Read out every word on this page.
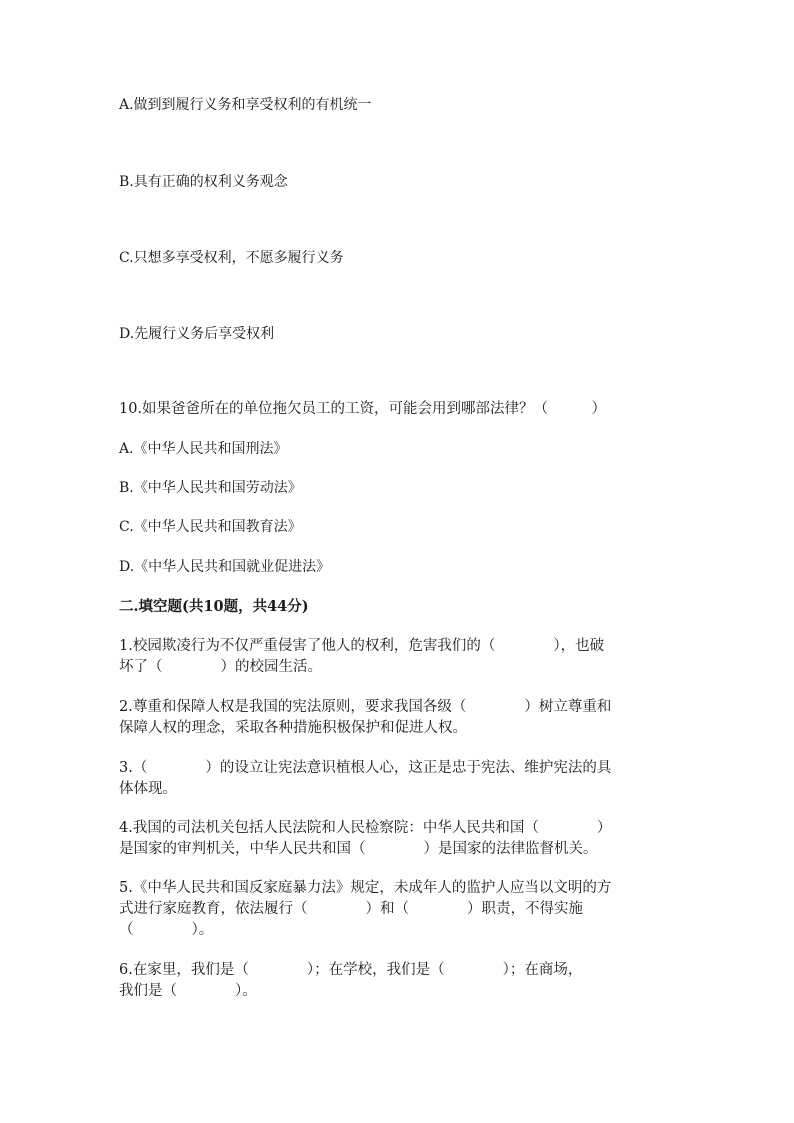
A.做到到履行义务和享受权利的有机统一
B.具有正确的权利义务观念
C.只想多享受权利，不愿多履行义务
D.先履行义务后享受权利
10.如果爸爸所在的单位拖欠员工的工资，可能会用到哪部法律？（　　　）
A.《中华人民共和国刑法》
B.《中华人民共和国劳动法》
C.《中华人民共和国教育法》
D.《中华人民共和国就业促进法》
二.填空题(共10题，共44分)
1.校园欺凌行为不仅严重侵害了他人的权利，危害我们的（　　　　），也破
坏了（　　　　）的校园生活。
2.尊重和保障人权是我国的宪法原则，要求我国各级（　　　　）树立尊重和
保障人权的理念，采取各种措施积极保护和促进人权。
3.（　　　　）的设立让宪法意识植根人心，这正是忠于宪法、维护宪法的具
体体现。
4.我国的司法机关包括人民法院和人民检察院：中华人民共和国（　　　　）
是国家的审判机关，中华人民共和国（　　　　）是国家的法律监督机关。
5.《中华人民共和国反家庭暴力法》规定，未成年人的监护人应当以文明的方
式进行家庭教育，依法履行（　　　　）和（　　　　）职责，不得实施
（　　　　）。
6.在家里，我们是（　　　　）；在学校，我们是（　　　　）；在商场，
我们是（　　　　）。
